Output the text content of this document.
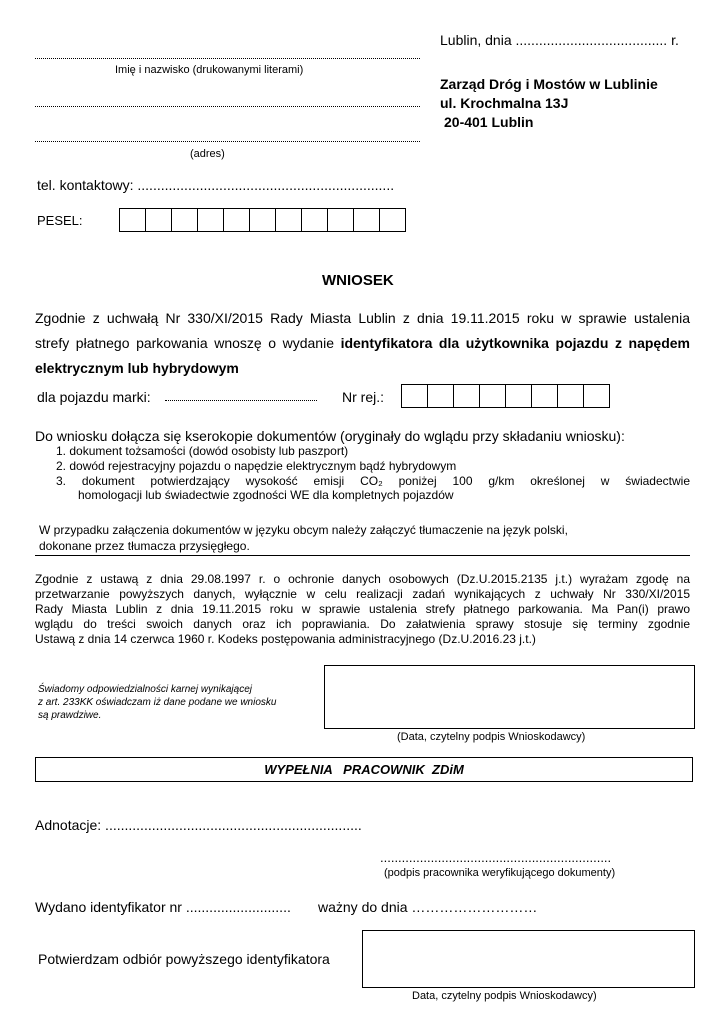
Lublin, dnia ....................................... r.
Imię i nazwisko (drukowanymi literami)
(adres)
Zarząd Dróg i Mostów w Lublinie
ul. Krochmalna 13J
20-401 Lublin
tel. kontaktowy: ..................................................................
PESEL:
WNIOSEK
Zgodnie z uchwałą Nr 330/XI/2015 Rady Miasta Lublin z dnia 19.11.2015 roku w sprawie ustalenia
strefy płatnego parkowania wnoszę o wydanie identyfikatora dla użytkownika pojazdu z napędem
elektrycznym lub hybrydowym
dla pojazdu marki:	Nr rej.:
Do wniosku dołącza się kserokopie dokumentów (oryginały do wglądu przy składaniu wniosku):
1. dokument tożsamości (dowód osobisty lub paszport)
2. dowód rejestracyjny pojazdu o napędzie elektrycznym bądź hybrydowym
3. dokument potwierdzający wysokość emisji CO₂ poniżej 100 g/km określonej w świadectwie
homologacji lub świadectwie zgodności WE dla kompletnych pojazdów
W przypadku załączenia dokumentów w języku obcym należy załączyć tłumaczenie na język polski,
dokonane przez tłumacza przysięgłego.
Zgodnie z ustawą z dnia 29.08.1997 r. o ochronie danych osobowych (Dz.U.2015.2135 j.t.) wyrażam zgodę na
przetwarzanie powyższych danych, wyłącznie w celu realizacji zadań wynikających z uchwały Nr 330/XI/2015
Rady Miasta Lublin z dnia 19.11.2015 roku w sprawie ustalenia strefy płatnego parkowania. Ma Pan(i) prawo
wglądu do treści swoich danych oraz ich poprawiania. Do załatwienia sprawy stosuje się terminy zgodnie
Ustawą z dnia 14 czerwca 1960 r. Kodeks postępowania administracyjnego (Dz.U.2016.23 j.t.)
Świadomy odpowiedzialności karnej wynikającej
z art. 233KK oświadczam iż dane podane we wniosku
są prawdziwe.
(Data, czytelny podpis Wnioskodawcy)
WYPEŁNIA   PRACOWNIK  ZDiM
Adnotacje: ..................................................................
................................................................
(podpis pracownika weryfikującego dokumenty)
Wydano identyfikator nr ........................... ważny do dnia ………………………
Potwierdzam odbiór powyższego identyfikatora
Data, czytelny podpis Wnioskodawcy)
